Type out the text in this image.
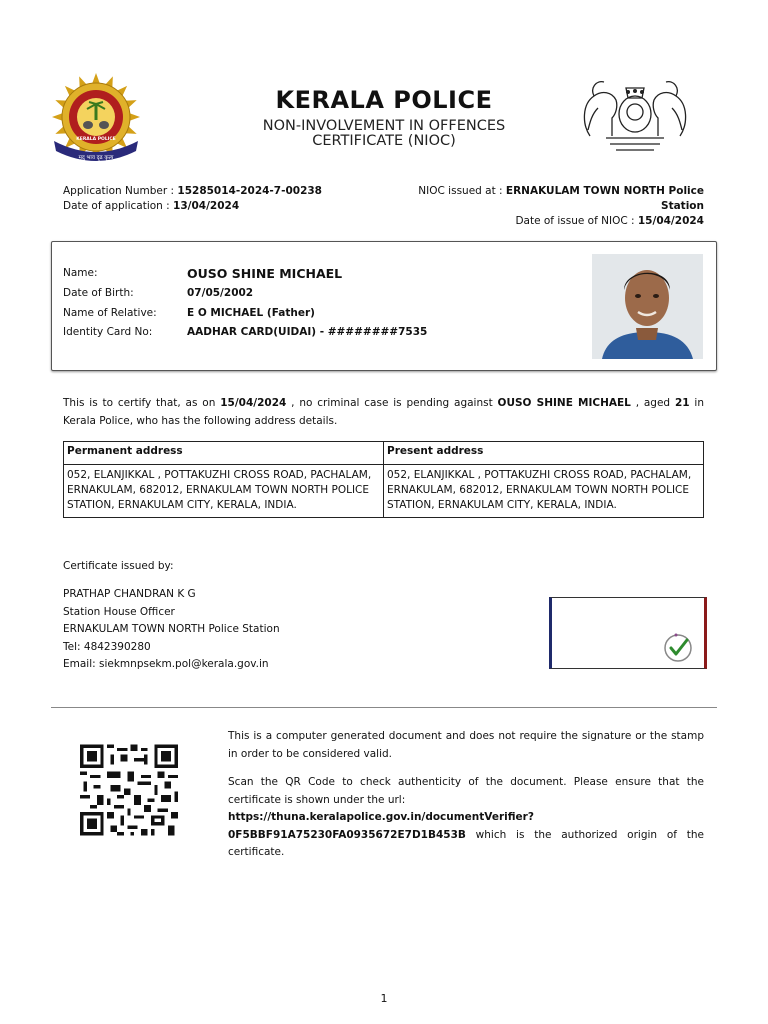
KERALA POLICE
मृदु भाव दृढ कृत्य
KERALA POLICE
NON-INVOLVEMENT IN OFFENCES
CERTIFICATE (NIOC)
Application Number : 15285014-2024-7-00238
Date of application : 13/04/2024
NIOC issued at : ERNAKULAM TOWN NORTH Police
Station
Date of issue of NIOC : 15/04/2024
Name:	OUSO SHINE MICHAEL
Date of Birth:	07/05/2002
Name of Relative:	E O MICHAEL (Father)
Identity Card No:	AADHAR CARD(UIDAI) - ########7535
This is to certify that, as on 15/04/2024 , no criminal case is pending against OUSO SHINE MICHAEL , aged 21 in Kerala Police, who has the following address details.
Permanent address	Present address
052, ELANJIKKAL , POTTAKUZHI CROSS ROAD, PACHALAM, ERNAKULAM, 682012, ERNAKULAM TOWN NORTH POLICE STATION, ERNAKULAM CITY, KERALA, INDIA.	052, ELANJIKKAL , POTTAKUZHI CROSS ROAD, PACHALAM, ERNAKULAM, 682012, ERNAKULAM TOWN NORTH POLICE STATION, ERNAKULAM CITY, KERALA, INDIA.
Certificate issued by:
PRATHAP CHANDRAN K G
Station House Officer
ERNAKULAM TOWN NORTH Police Station
Tel: 4842390280
Email: siekmnpsekm.pol@kerala.gov.in
This is a computer generated document and does not require the signature or the stamp in order to be considered valid.
Scan the QR Code to check authenticity of the document. Please ensure that the certificate is shown under the url:
https://thuna.keralapolice.gov.in/documentVerifier?
0F5BBF91A75230FA0935672E7D1B453B which is the authorized origin of the certificate.
1
